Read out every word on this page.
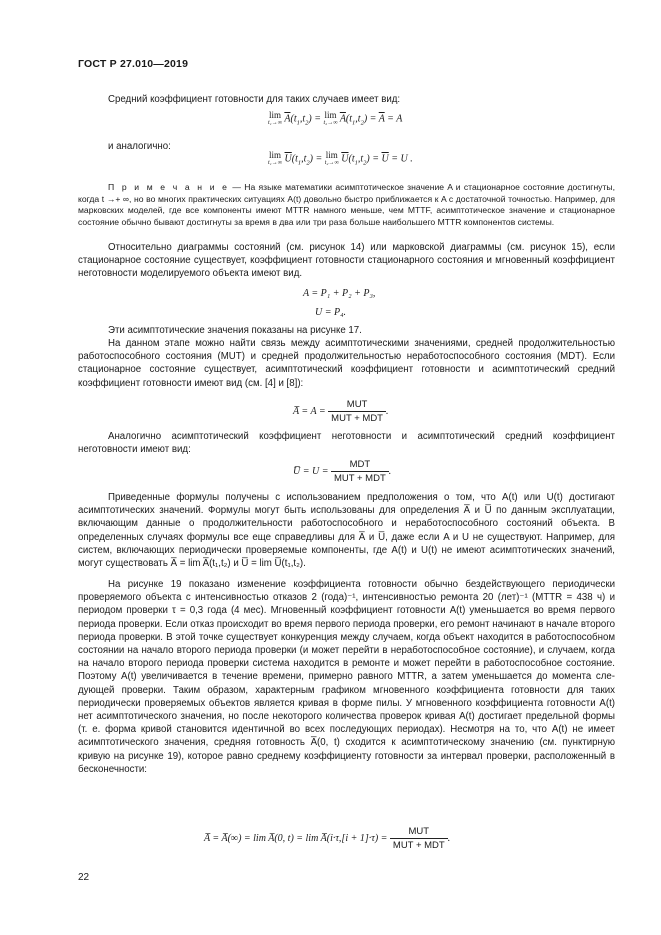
ГОСТ Р 27.010—2019

Средний коэффициент готовности для таких случаев имеет вид:

lim
t₁→∞ $\overline{A}(t_1,t_2) = \lim$
t₂→∞ $\overline{A}(t_1,t_2) = \overline{A} = A$

и аналогично:

lim
t₁→∞ $\overline{U}(t_1,t_2) = \lim$
t₂→∞ $\overline{U}(t_1,t_2) = \overline{U} = U$ .

П р и м е ч а н и е — На языке математики асимптотическое значение A и стационарное состояние достигнуты, когда t →+ ∞, но во многих практических ситуациях A(t) довольно быстро приближается к A с достаточной точностью. Например, для марковских моделей, где все компоненты имеют MTTR намного меньше, чем MTTF, асимптотическое значение и стационарное состояние обычно бывают достигнуты за время в два или три раза больше наибольшего MTTR компонентов системы.

Относительно диаграммы состояний (см. рисунок 14) или марковской диаграммы (см. рисунок 15), если стационарное состояние существует, коэффициент готовности стационарного состояния и мгновенный коэффициент неготовности моделируемого объекта имеют вид.

A = P₁ + P₂ + P₃,
U = P₄.

Эти асимптотические значения показаны на рисунке 17.

На данном этапе можно найти связь между асимптотическими значениями, средней продолжительностью работоспособного состояния (MUT) и средней продолжительностью неработоспособного состояния (MDT). Если стационарное состояние существует, асимптотический коэффициент готовности и асимптотический средний коэффициент готовности имеют вид (см. [4] и [8]):

A̅ = $A = \frac{\text{MUT}}{\text{MUT + MDT}}$ .

Аналогично асимптотический коэффициент неготовности и асимптотический средний коэффициент неготовности имеют вид:

U̅ = $U = \frac{\text{MDT}}{\text{MUT + MDT}}$ .

Приведенные формулы получены с использованием предположения о том, что A(t) или U(t) достигают асимптотических значений. Формулы могут быть использованы для определения A̅ и U̅ по данным эксплуатации, включающим данные о продолжительности работоспособного и неработоспособного состояний объекта. В определенных случаях формулы все еще справедливы для A̅ и U̅, даже если A и U не существуют. Например, для систем, включающих периодически проверяемые компоненты, где A(t) и U(t) не имеют асимптотических значений, могут существовать A̅ = lim A̅(t₁,t₂) и U̅ = lim U̅(t₁,t₂).

На рисунке 19 показано изменение коэффициента готовности обычно бездействующего периодически проверяемого объекта с интенсивностью отказов 2 (года)⁻¹, интенсивностью ремонта 20 (лет)⁻¹ (MTTR = 438 ч) и периодом проверки τ = 0,3 года (4 мес). Мгновенный коэффициент готовности A(t) уменьшается во время первого периода проверки. Если отказ происходит во время первого периода проверки, его ремонт начинают в начале второго периода проверки. В этой точке существует конкуренция между случаем, когда объект находится в работоспособном состоянии на начало второго периода проверки (и может перейти в неработоспособное состояние), и случаем, когда на начало второго периода проверки система находится в ремонте и может перейти в работоспособное состояние. Поэтому A(t) увеличивается в течение времени, примерно равного MTTR, а затем уменьшается до момента следующей проверки. Таким образом, характерным графиком мгновенного коэффициента готовности для таких периодически проверяемых объектов является кривая в форме пилы. У мгновенного коэффициента готовности A(t) нет асимптотического значения, но после некоторого количества проверок кривая A(t) достигает предельной формы (т. е. форма кривой становится идентичной во всех последующих периодах). Несмотря на то, что A(t) не имеет асимптотического значения, средняя готовность A̅(0, t) сходится к асимптотическому значению (см. пунктирную кривую на рисунке 19), которое равно среднему коэффициенту готовности за интервал проверки, расположенный в бесконечности:

A̅ = A̅(∞) = lim A̅(0, t) = lim A̅(i·τ,[i + $1]\cdot\tau) = \frac{\text{MUT}}{\text{MUT + MDT}}$ .
22
